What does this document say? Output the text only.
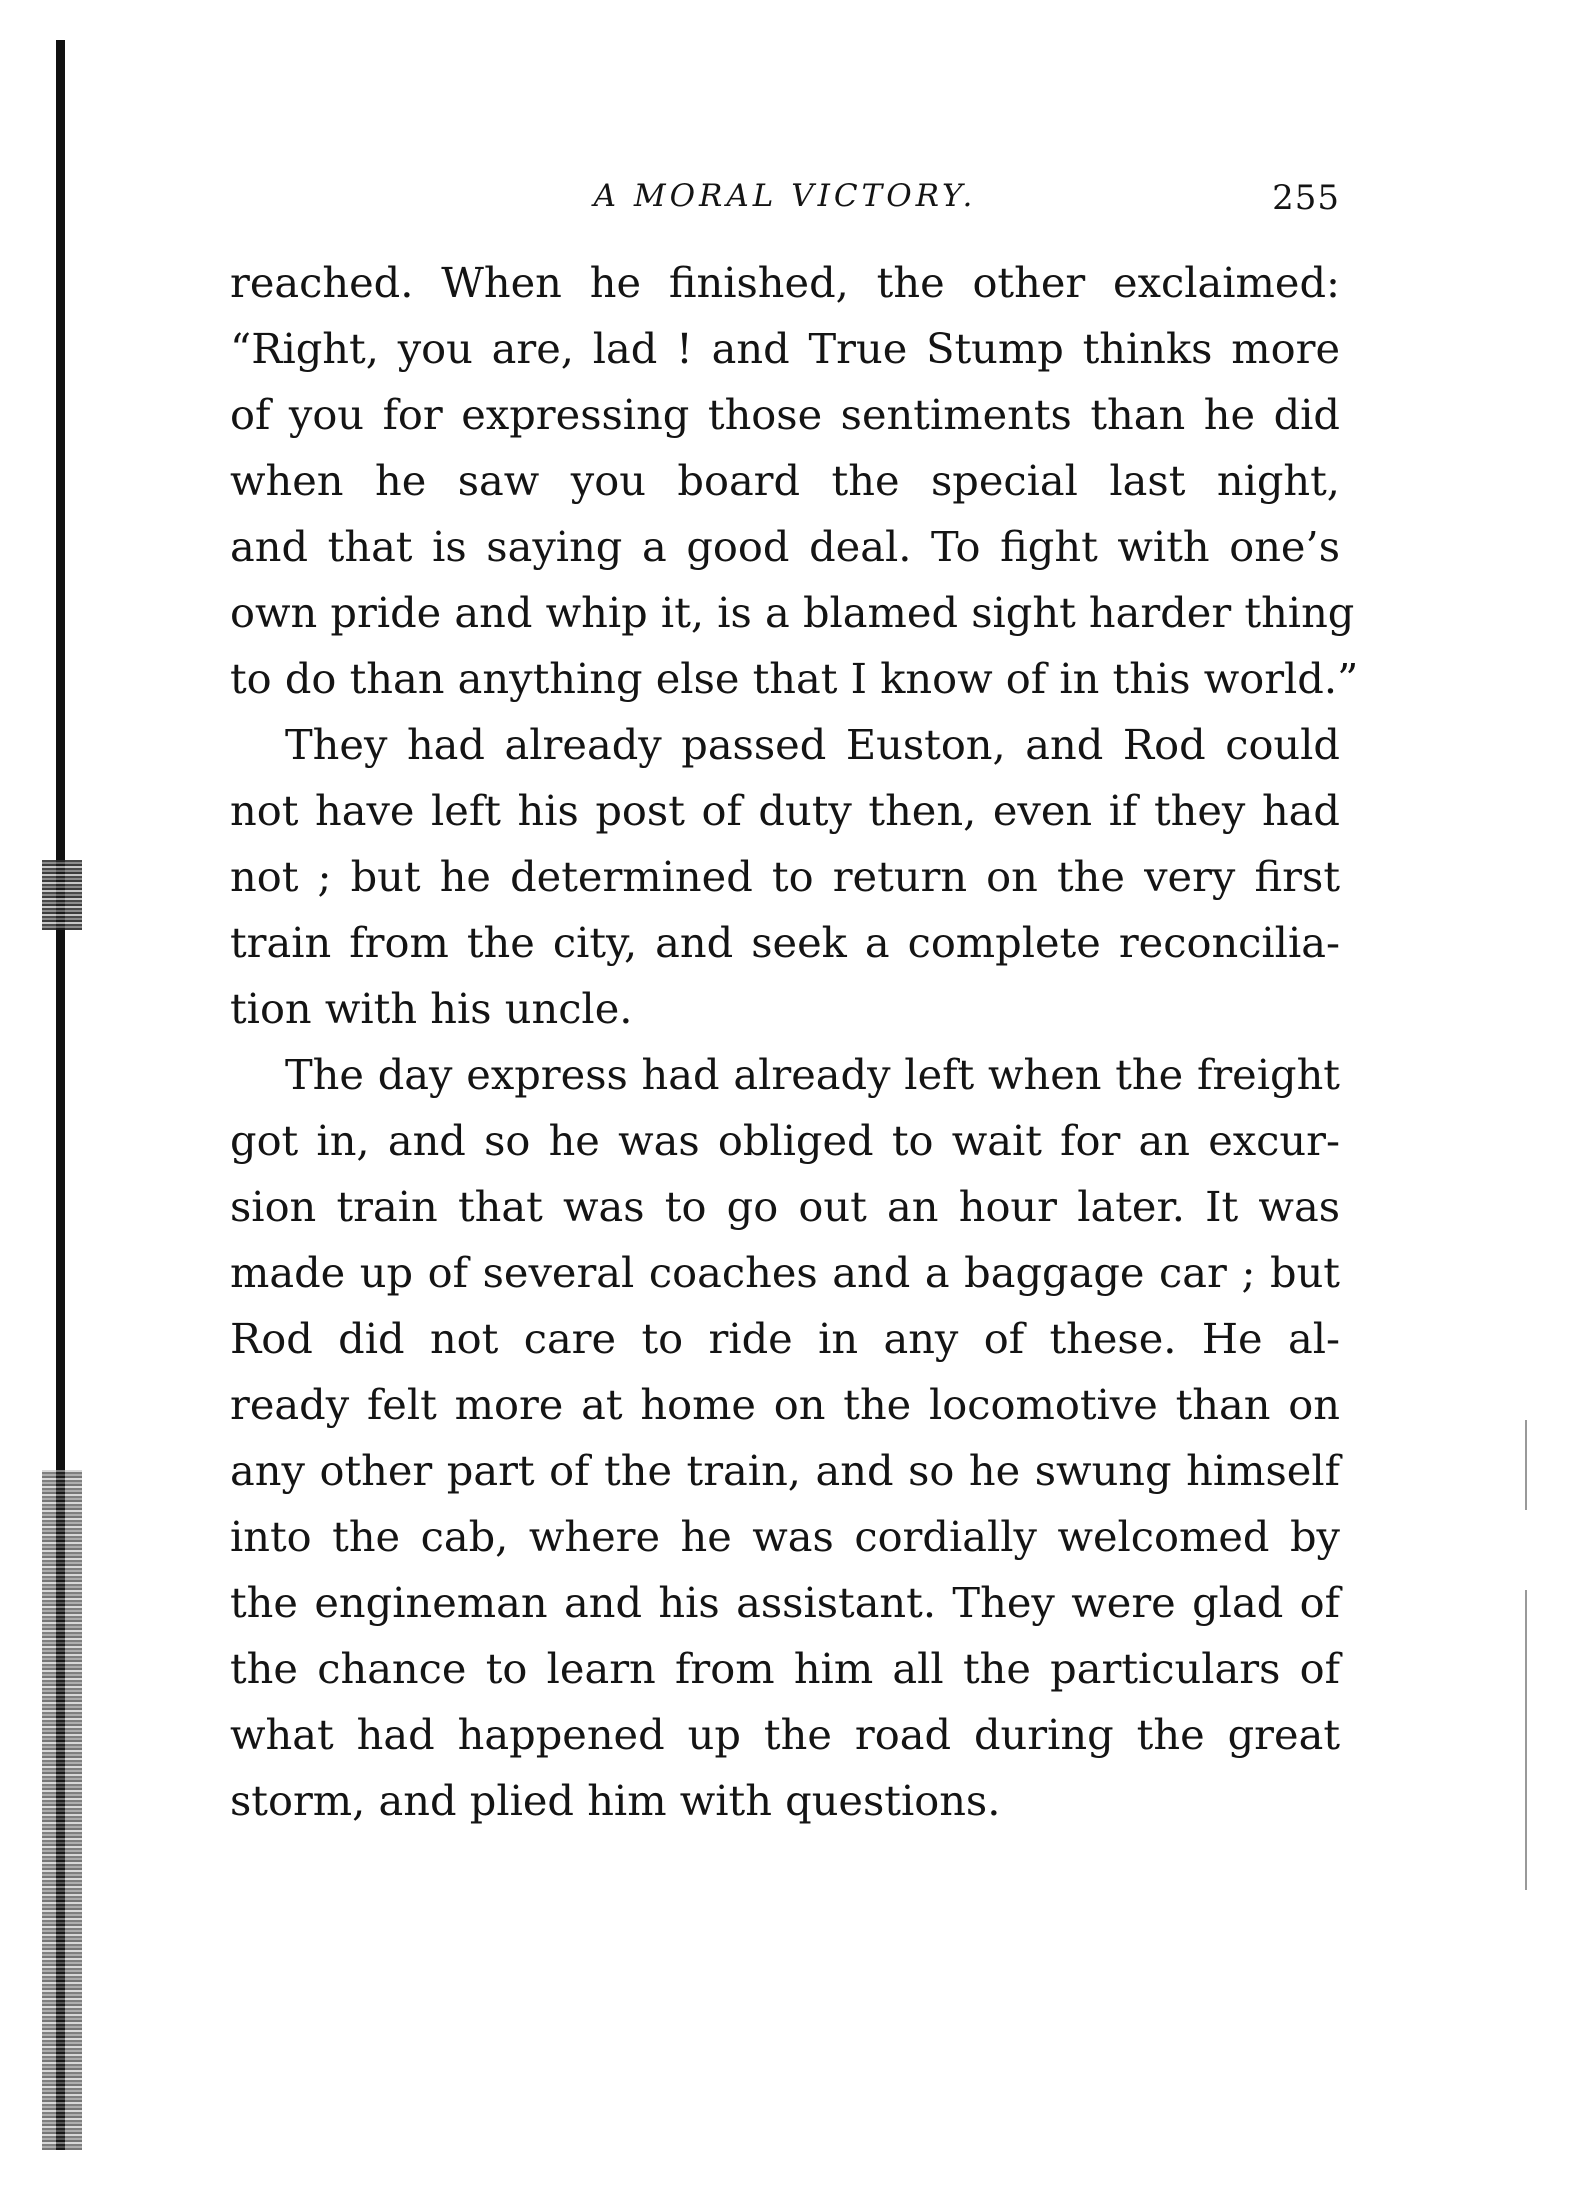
A MORAL VICTORY.	255
reached. When he finished, the other exclaimed:
“Right, you are, lad ! and True Stump thinks more
of you for expressing those sentiments than he did
when he saw you board the special last night,
and that is saying a good deal. To fight with one’s
own pride and whip it, is a blamed sight harder thing
to do than anything else that I know of in this world.”
They had already passed Euston, and Rod could
not have left his post of duty then, even if they had
not ; but he determined to return on the very first
train from the city, and seek a complete reconcilia-
tion with his uncle.
The day express had already left when the freight
got in, and so he was obliged to wait for an excur-
sion train that was to go out an hour later. It was
made up of several coaches and a baggage car ; but
Rod did not care to ride in any of these. He al-
ready felt more at home on the locomotive than on
any other part of the train, and so he swung himself
into the cab, where he was cordially welcomed by
the engineman and his assistant. They were glad of
the chance to learn from him all the particulars of
what had happened up the road during the great
storm, and plied him with questions.
